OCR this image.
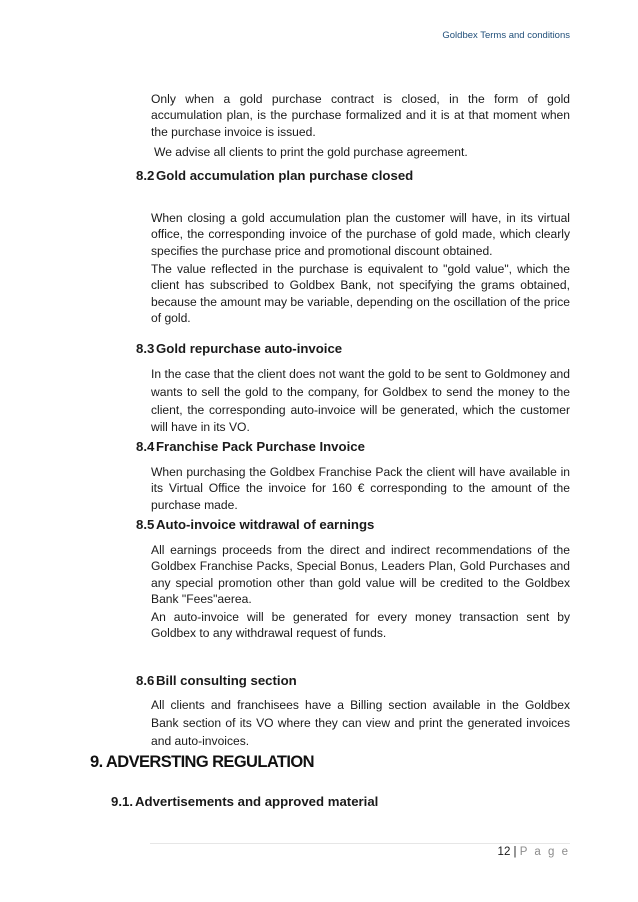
Goldbex Terms and conditions

Only when a gold purchase contract is closed, in the form of gold accumulation plan, is the purchase formalized and it is at that moment when the purchase invoice is issued.

We advise all clients to print the gold purchase agreement.

8.2 Gold accumulation plan purchase closed

When closing a gold accumulation plan the customer will have, in its virtual office, the corresponding invoice of the purchase of gold made, which clearly specifies the purchase price and promotional discount obtained.

The value reflected in the purchase is equivalent to "gold value", which the client has subscribed to Goldbex Bank, not specifying the grams obtained, because the amount may be variable, depending on the oscillation of the price of gold.

8.3 Gold repurchase auto-invoice

In the case that the client does not want the gold to be sent to Goldmoney and wants to sell the gold to the company, for Goldbex to send the money to the client, the corresponding auto-invoice will be generated, which the customer will have in its VO.

8.4 Franchise Pack Purchase Invoice

When purchasing the Goldbex Franchise Pack the client will have available in its Virtual Office the invoice for 160 € corresponding to the amount of the purchase made.

8.5 Auto-invoice witdrawal of earnings

All earnings proceeds from the direct and indirect recommendations of the Goldbex Franchise Packs, Special Bonus, Leaders Plan, Gold Purchases and any special promotion other than gold value will be credited to the Goldbex Bank "Fees"aerea.

An auto-invoice will be generated for every money transaction sent by Goldbex to any withdrawal request of funds.

8.6 Bill consulting section

All clients and franchisees have a Billing section available in the Goldbex Bank section of its VO where they can view and print the generated invoices and auto-invoices.

9. ADVERSTING REGULATION
9.1. Advertisements and approved material
12 | P a g e
